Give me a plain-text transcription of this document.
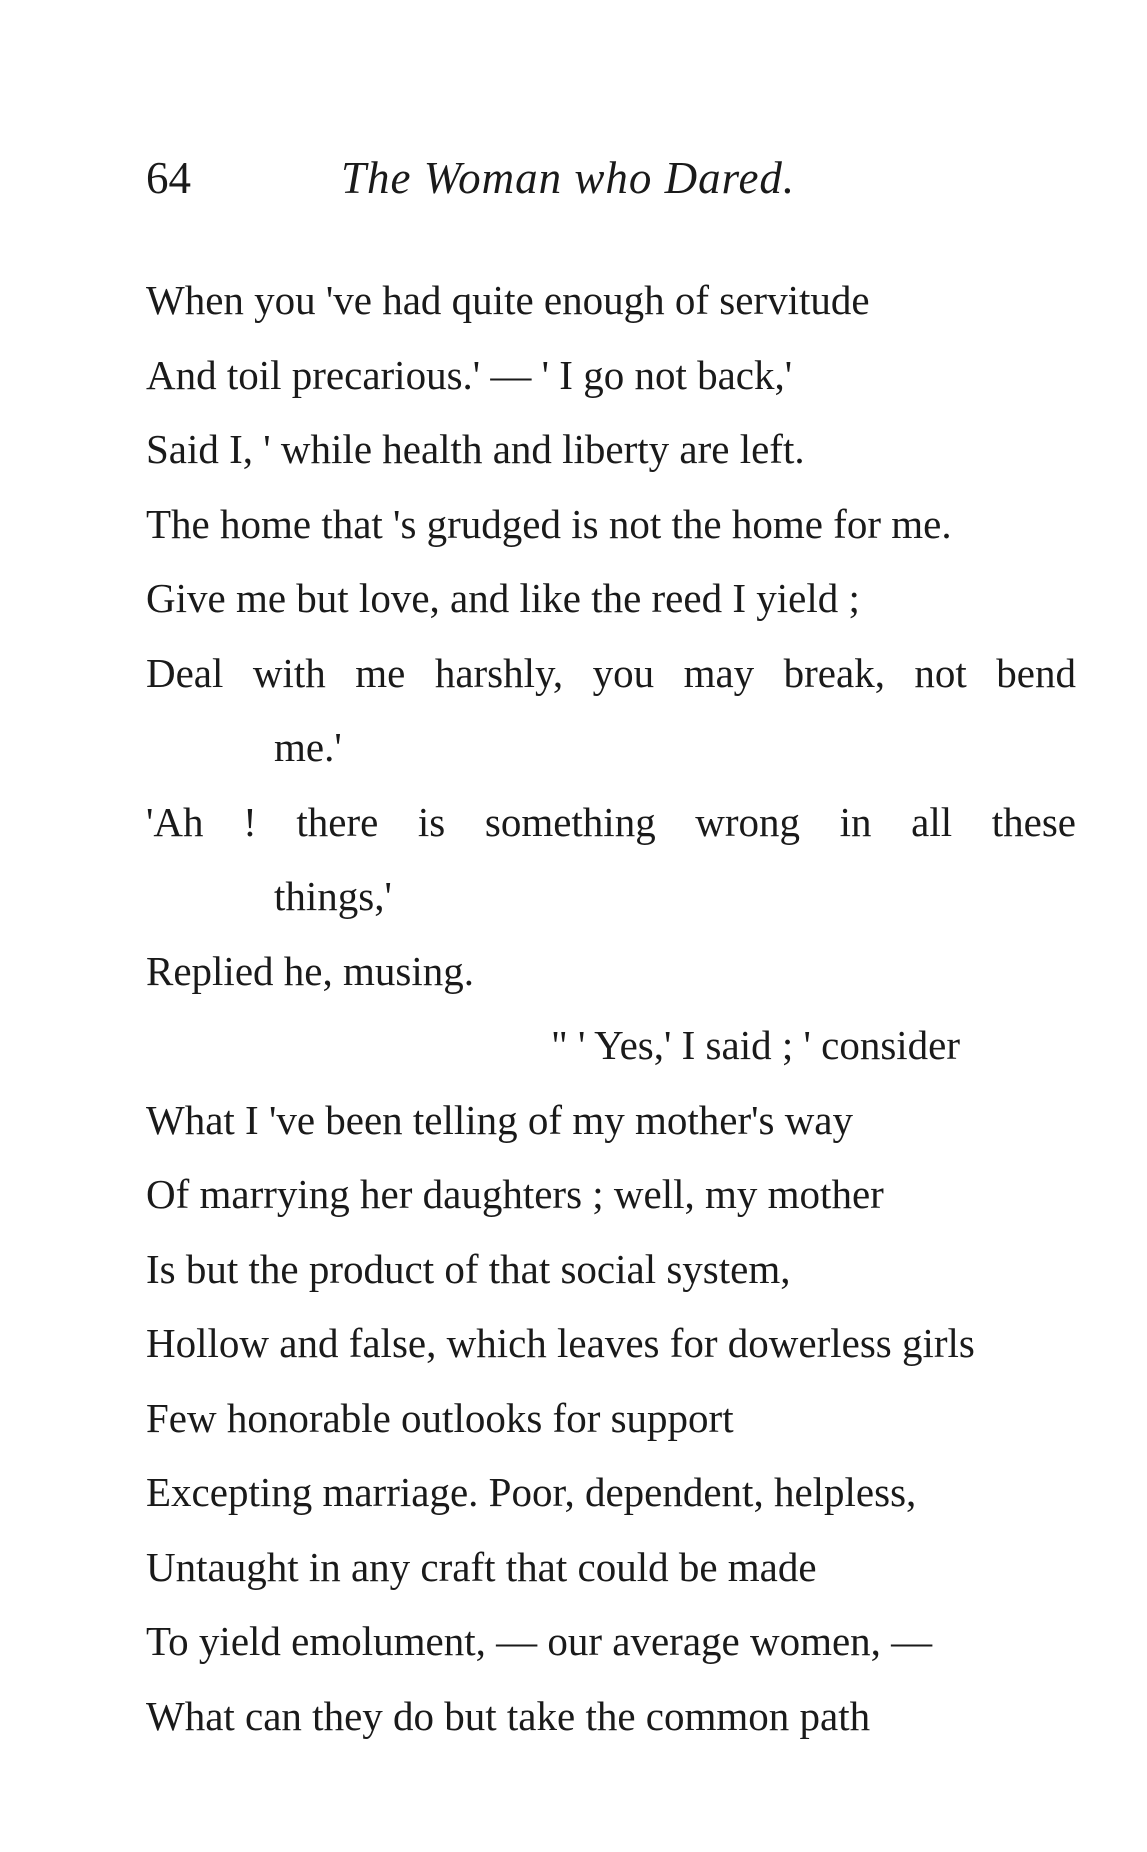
64	The Woman who Dared.
When you 've had quite enough of servitude
And toil precarious.' — ' I go not back,'
Said I, ' while health and liberty are left.
The home that 's grudged is not the home for me.
Give me but love, and like the reed I yield ;
Deal with me harshly, you may break, not bend
me.'
'Ah ! there is something wrong in all these
things,'
Replied he, musing.
" ' Yes,' I said ; ' consider
What I 've been telling of my mother's way
Of marrying her daughters ; well, my mother
Is but the product of that social system,
Hollow and false, which leaves for dowerless girls
Few honorable outlooks for support
Excepting marriage. Poor, dependent, helpless,
Untaught in any craft that could be made
To yield emolument, — our average women, —
What can they do but take the common path
